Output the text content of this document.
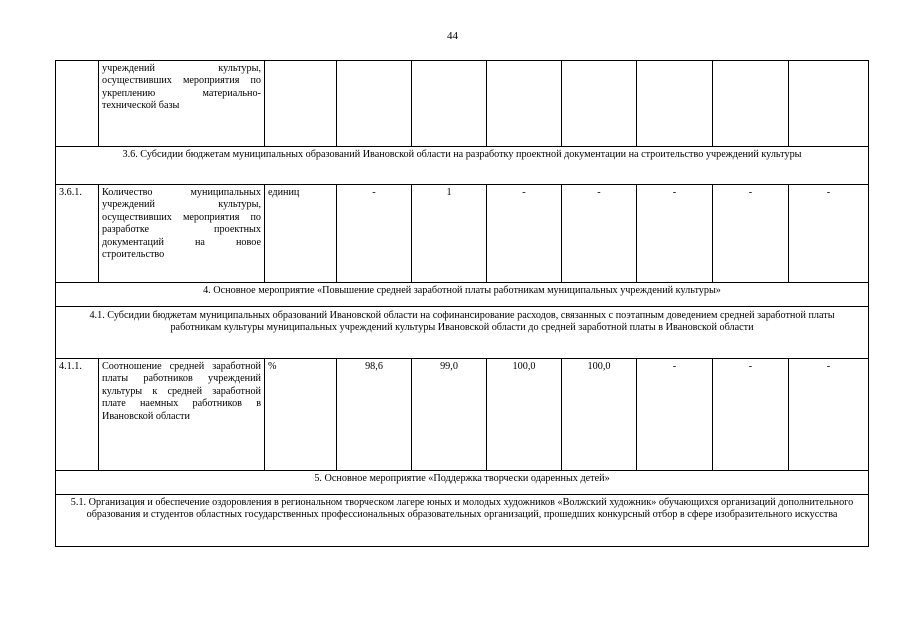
44
	учреждений культуры, осуществивших мероприятия по укреплению материально-технической базы								
3.6. Субсидии бюджетам муниципальных образований Ивановской области на разработку проектной документации на строительство учреждений культуры									
3.6.1.	Количество муниципальных учреждений культуры, осуществивших мероприятия по разработке проектных документаций на новое строительство	единиц	-	1	-	-	-	-	-
4. Основное мероприятие «Повышение средней заработной платы работникам муниципальных учреждений культуры»									
4.1. Субсидии бюджетам муниципальных образований Ивановской области на софинансирование расходов, связанных с поэтапным доведением средней заработной платы работникам культуры муниципальных учреждений культуры Ивановской области до средней заработной платы в Ивановской области									
4.1.1.	Соотношение средней заработной платы работников учреждений культуры к средней заработной плате наемных работников в Ивановской области	%	98,6	99,0	100,0	100,0	-	-	-
5. Основное мероприятие «Поддержка творчески одаренных детей»									
5.1. Организация и обеспечение оздоровления в региональном творческом лагере юных и молодых художников «Волжский художник» обучающихся организаций дополнительного образования и студентов областных государственных профессиональных образовательных организаций, прошедших конкурсный отбор в сфере изобразительного искусства									
